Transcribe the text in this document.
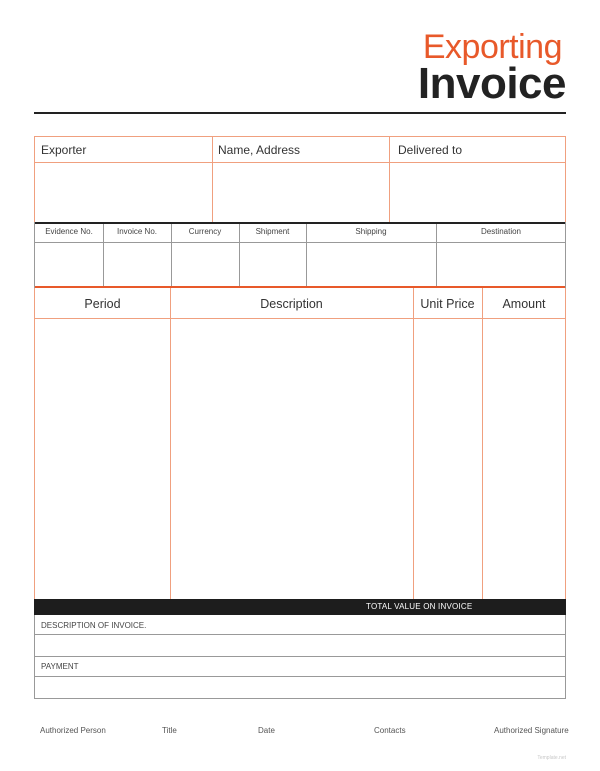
Exporting
Invoice
Exporter	Name, Address	Delivered to
Evidence No.	Invoice No.	Currency	Shipment	Shipping	Destination
Period	Description	Unit Price	Amount
TOTAL VALUE ON INVOICE
DESCRIPTION OF INVOICE.
PAYMENT
Authorized Person	Title	Date	Contacts	Authorized Signature
Template.net
